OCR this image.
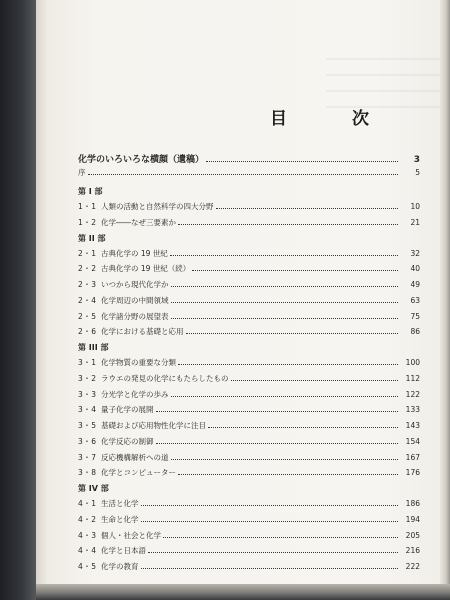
目　次
化学のいろいろな横顔（遺稿）	3
序	5
第 I 部
1・1 人類の活動と自然科学の四大分野	10
1・2 化学――なぜ三要素か	21
第 II 部
2・1 古典化学の 19 世紀	32
2・2 古典化学の 19 世紀（続）	40
2・3 いつから現代化学か	49
2・4 化学周辺の中間領域	63
2・5 化学諸分野の展望表	75
2・6 化学における基礎と応用	86
第 III 部
3・1 化学物質の重要な分類	100
3・2 ラウエの発見の化学にもたらしたもの	112
3・3 分光学と化学の歩み	122
3・4 量子化学の展開	133
3・5 基礎および応用物性化学に注目	143
3・6 化学反応の制御	154
3・7 反応機構解析への道	167
3・8 化学とコンピューター	176
第 IV 部
4・1 生活と化学	186
4・2 生命と化学	194
4・3 個人・社会と化学	205
4・4 化学と日本語	216
4・5 化学の教育	222
